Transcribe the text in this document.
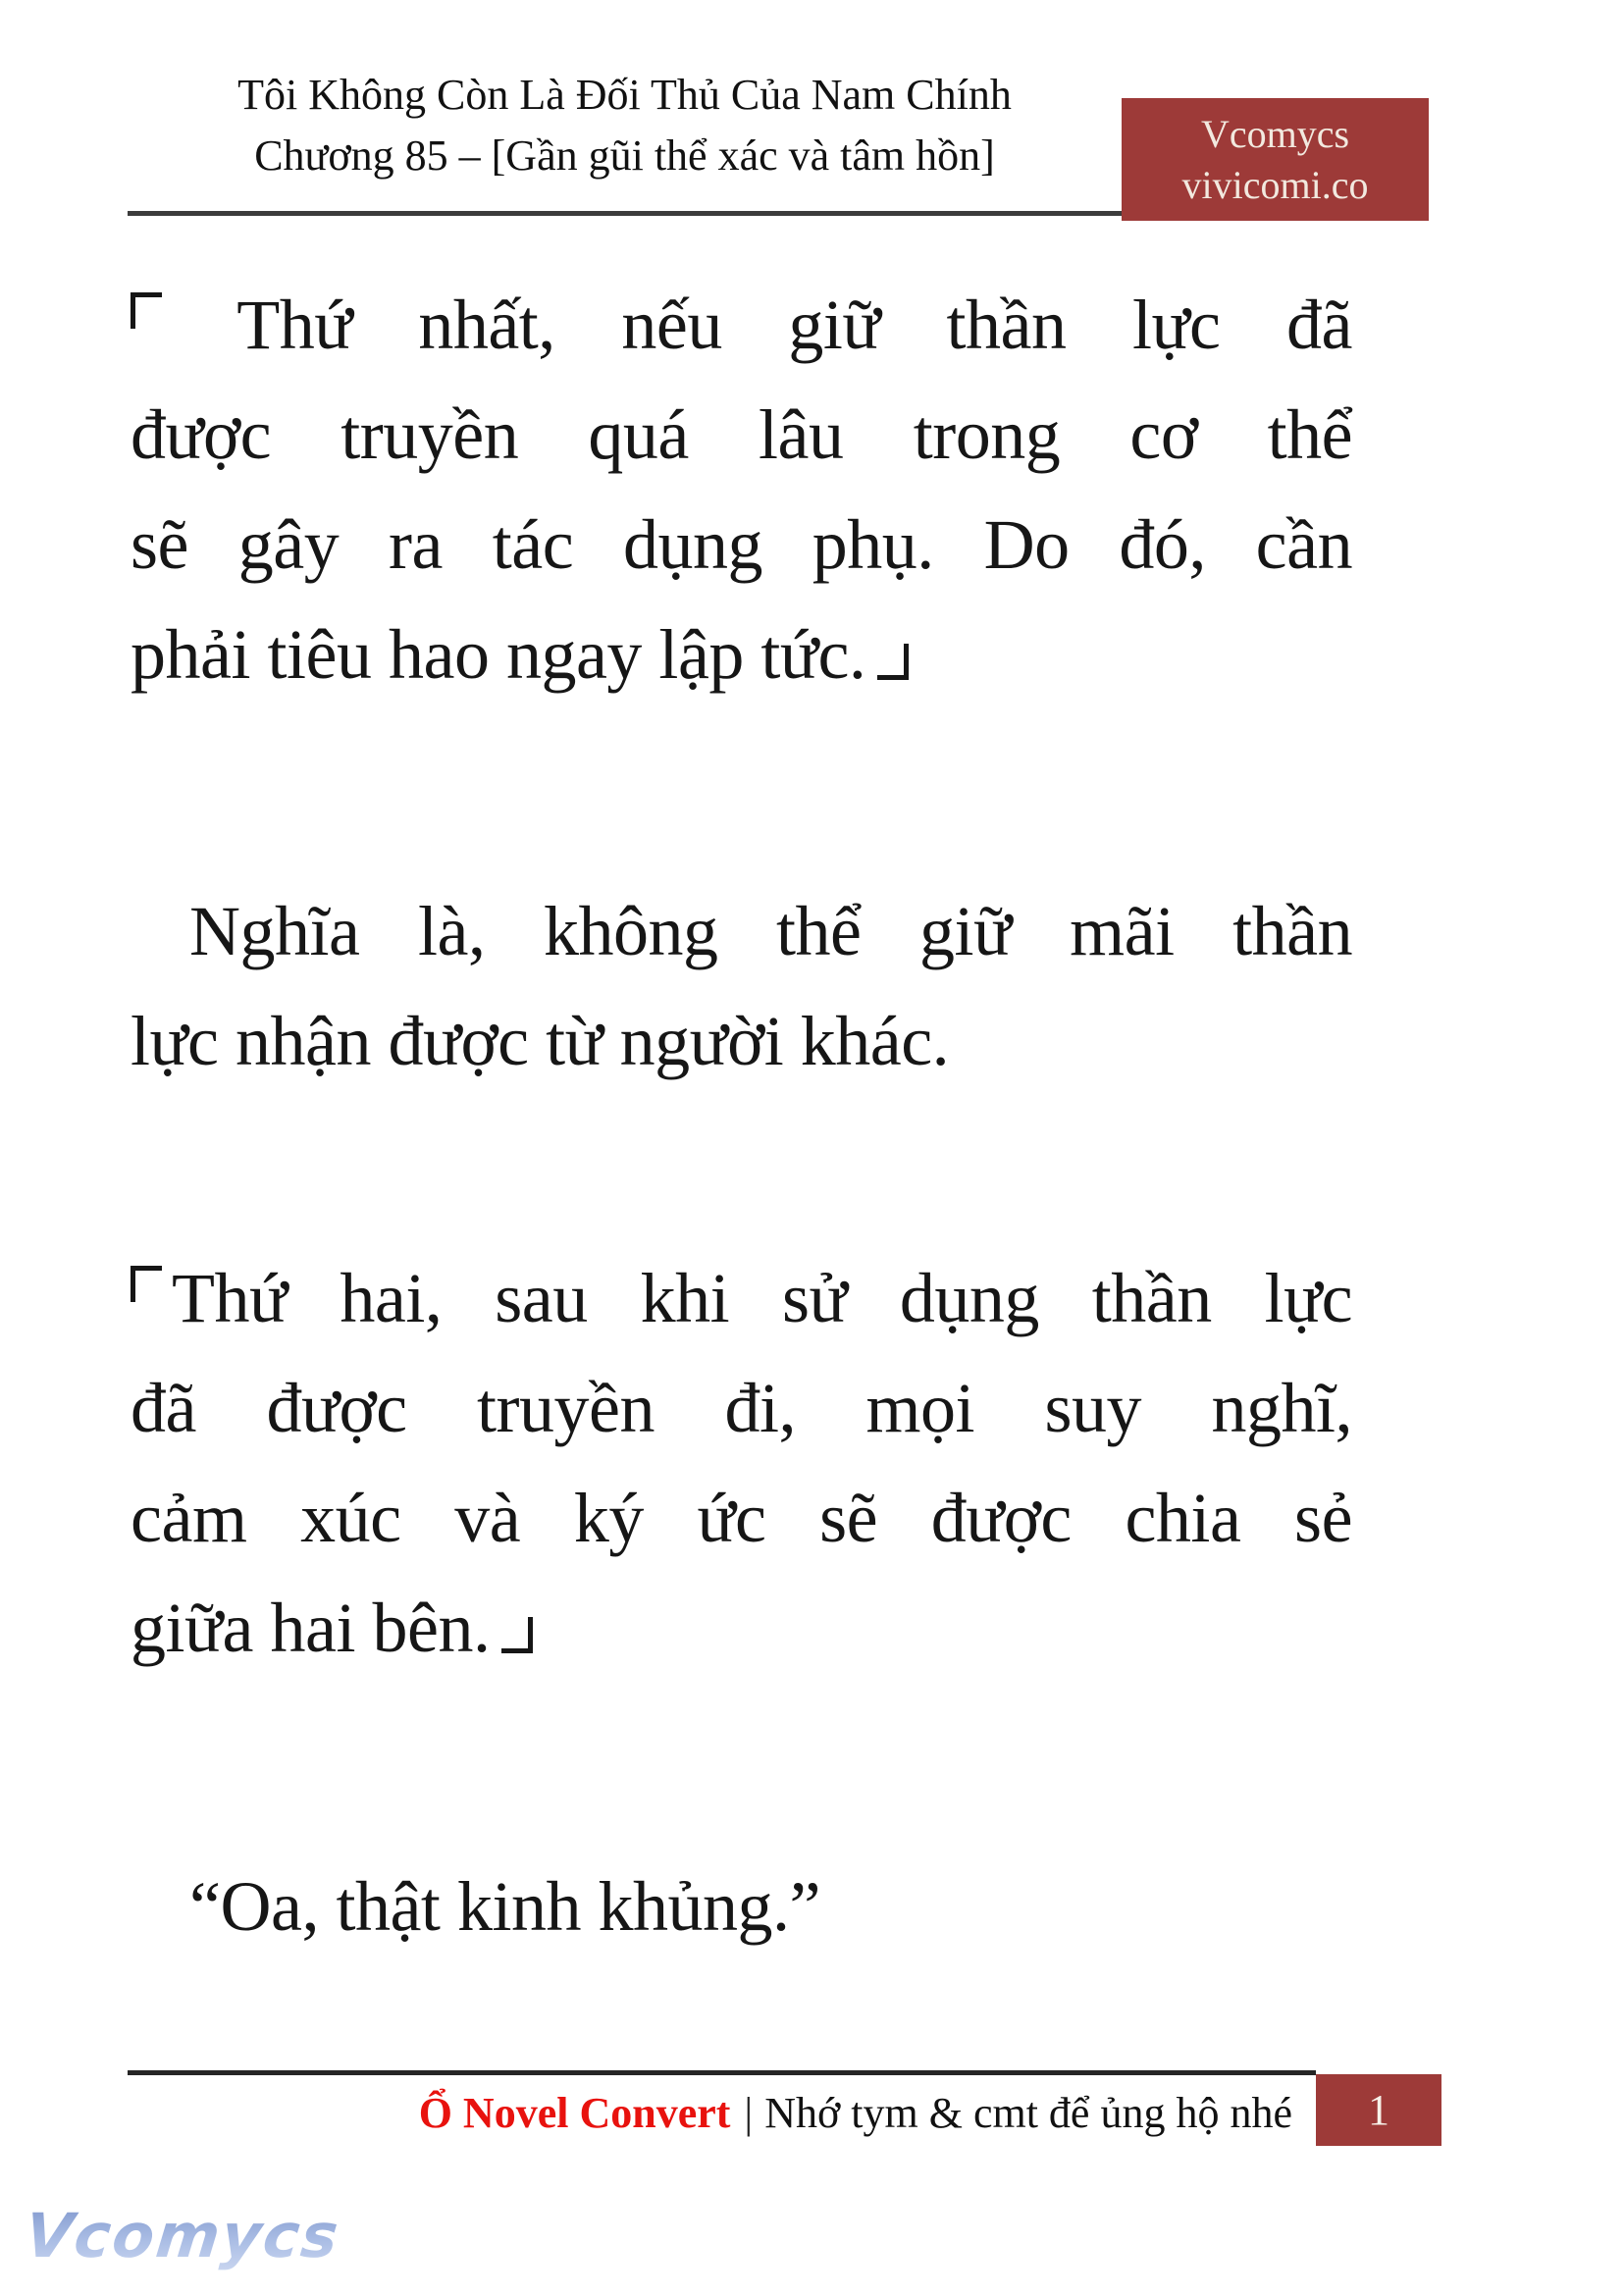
Tôi Không Còn Là Đối Thủ Của Nam Chính
Chương 85 – [Gần gũi thể xác và tâm hồn]	Vcomycs
vivicomi.co
Thứ nhất, nếu giữ thần lực đã
được truyền quá lâu trong cơ thể
sẽ gây ra tác dụng phụ. Do đó, cần
phải tiêu hao ngay lập tức.
Nghĩa là, không thể giữ mãi thần
lực nhận được từ người khác.
Thứ hai, sau khi sử dụng thần lực
đã được truyền đi, mọi suy nghĩ,
cảm xúc và ký ức sẽ được chia sẻ
giữa hai bên.
“Oa, thật kinh khủng.”
Ổ Novel Convert | Nhớ tym & cmt để ủng hộ nhé	1
Vcomycs
